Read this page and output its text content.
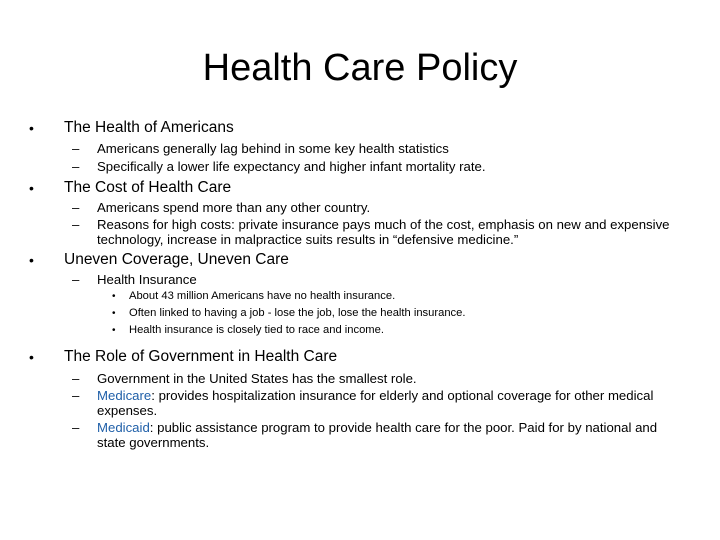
Health Care Policy

• The Health of Americans

– Americans generally lag behind in some key health statistics

– Specifically a lower life expectancy and higher infant mortality rate.

• The Cost of Health Care

– Americans spend more than any other country.

– Reasons for high costs: private insurance pays much of the cost, emphasis on new and expensive technology, increase in malpractice suits results in “defensive medicine.”

• Uneven Coverage, Uneven Care

– Health Insurance

• About 43 million Americans have no health insurance.

• Often linked to having a job - lose the job, lose the health insurance.

• Health insurance is closely tied to race and income.

• The Role of Government in Health Care

– Government in the United States has the smallest role.

– Medicare: provides hospitalization insurance for elderly and optional coverage for other medical expenses.

– Medicaid: public assistance program to provide health care for the poor. Paid for by national and state governments.
